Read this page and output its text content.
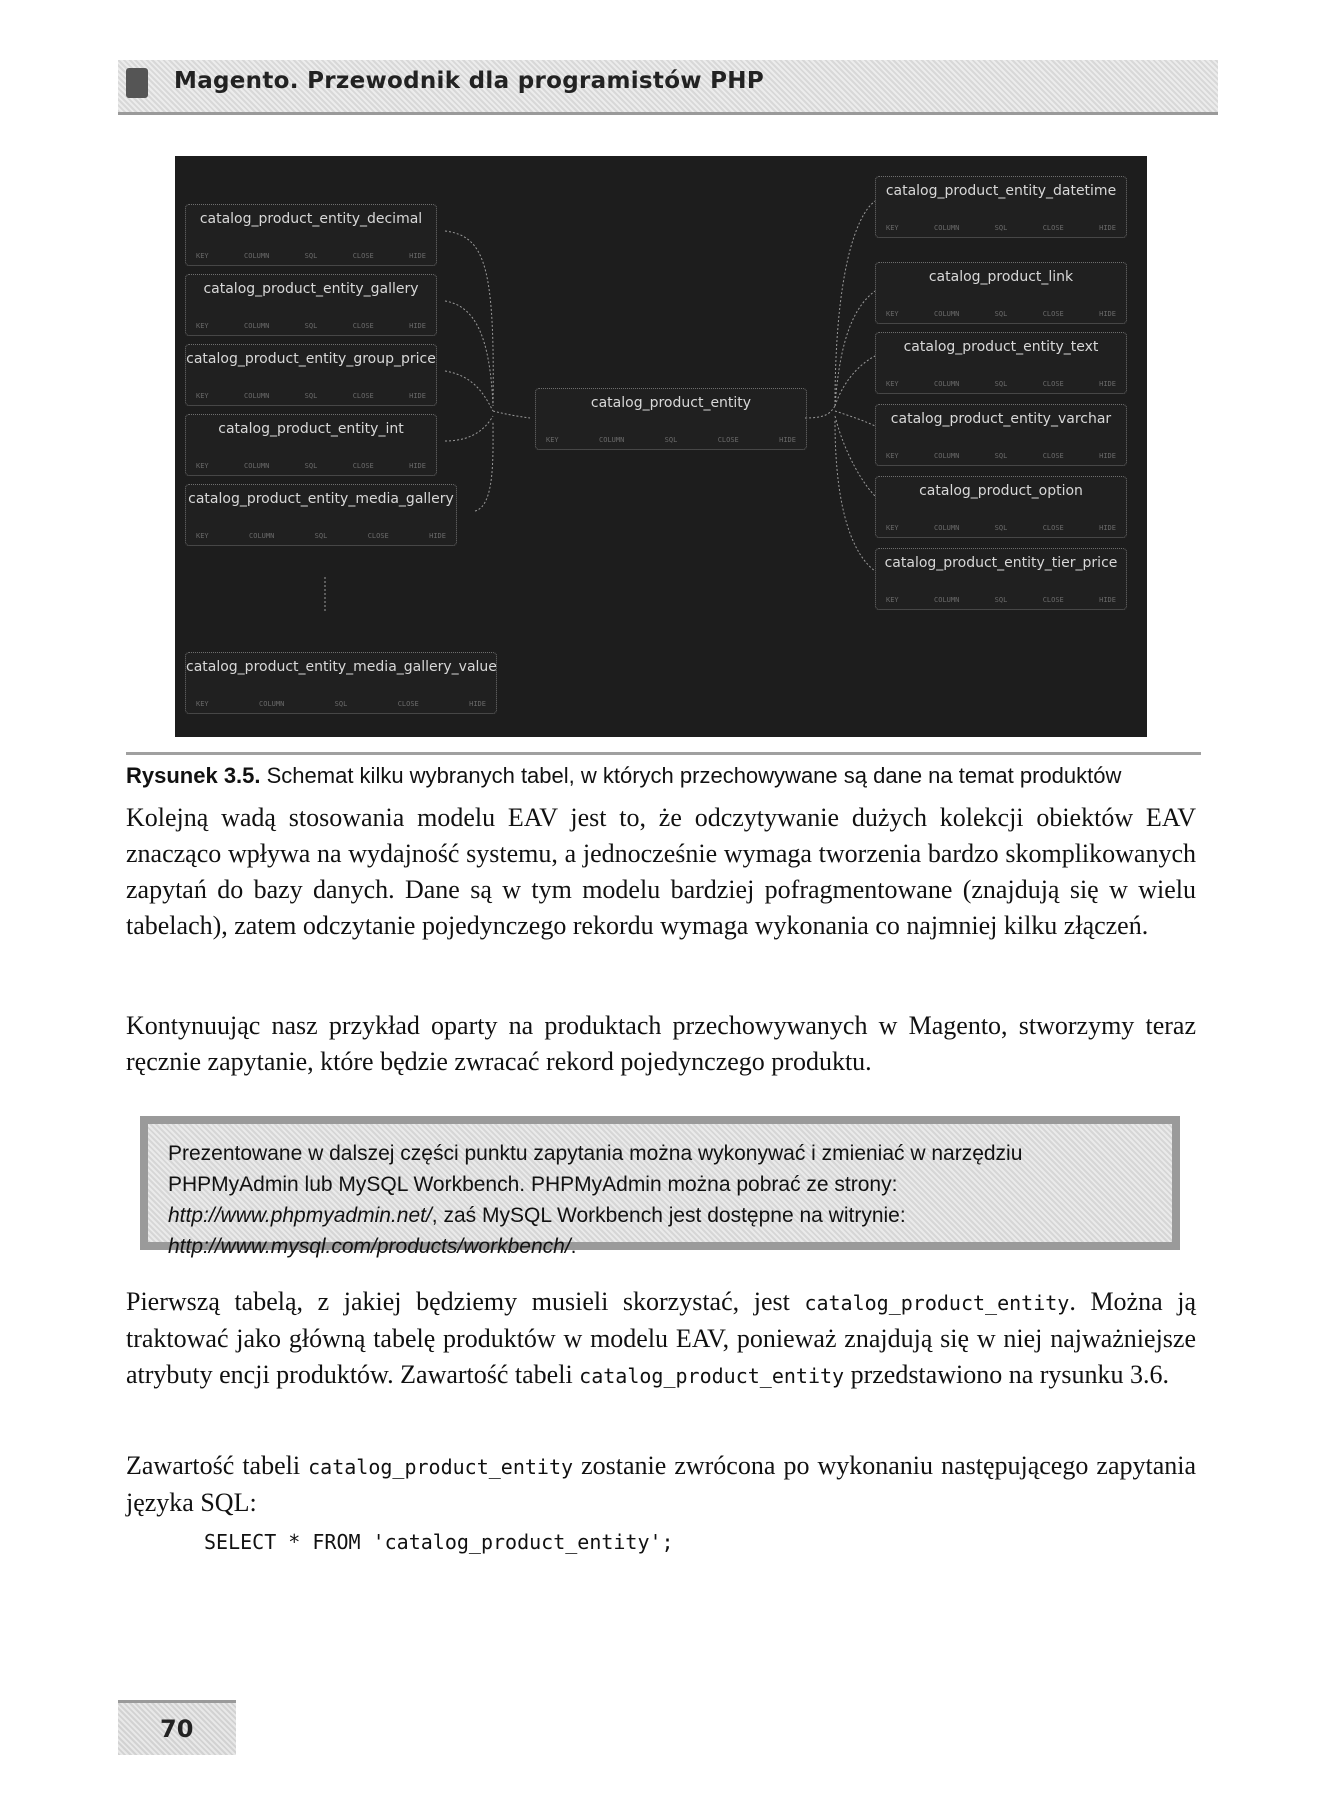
Magento. Przewodnik dla programistów PHP
catalog_product_entity_decimal
KEY	COLUMN	SQL	CLOSE	HIDE
catalog_product_entity_gallery
KEY	COLUMN	SQL	CLOSE	HIDE
catalog_product_entity_group_price
KEY	COLUMN	SQL	CLOSE	HIDE
catalog_product_entity_int
KEY	COLUMN	SQL	CLOSE	HIDE
catalog_product_entity_media_gallery
KEY	COLUMN	SQL	CLOSE	HIDE
catalog_product_entity_media_gallery_value
KEY	COLUMN	SQL	CLOSE	HIDE
catalog_product_entity
KEY	COLUMN	SQL	CLOSE	HIDE
catalog_product_entity_datetime
KEY	COLUMN	SQL	CLOSE	HIDE
catalog_product_link
KEY	COLUMN	SQL	CLOSE	HIDE
catalog_product_entity_text
KEY	COLUMN	SQL	CLOSE	HIDE
catalog_product_entity_varchar
KEY	COLUMN	SQL	CLOSE	HIDE
catalog_product_option
KEY	COLUMN	SQL	CLOSE	HIDE
catalog_product_entity_tier_price
KEY	COLUMN	SQL	CLOSE	HIDE
Rysunek 3.5. Schemat kilku wybranych tabel, w których przechowywane są dane na temat produktów

Kolejną wadą stosowania modelu EAV jest to, że odczytywanie dużych kolekcji obiektów EAV znacząco wpływa na wydajność systemu, a jednocześnie wymaga tworzenia bardzo skomplikowanych zapytań do bazy danych. Dane są w tym modelu bardziej pofragmentowane (znajdują się w wielu tabelach), zatem odczytanie pojedynczego rekordu wymaga wykonania co najmniej kilku złączeń.

Kontynuując nasz przykład oparty na produktach przechowywanych w Magento, stworzymy teraz ręcznie zapytanie, które będzie zwracać rekord pojedynczego produktu.

Prezentowane w dalszej części punktu zapytania można wykonywać i zmieniać w narzędziu PHPMyAdmin lub MySQL Workbench. PHPMyAdmin można pobrać ze strony: http://www.phpmyadmin.net/, zaś MySQL Workbench jest dostępne na witrynie: http://www.mysql.com/products/workbench/.

Pierwszą tabelą, z jakiej będziemy musieli skorzystać, jest catalog_product_entity. Można ją traktować jako główną tabelę produktów w modelu EAV, ponieważ znajdują się w niej najważniejsze atrybuty encji produktów. Zawartość tabeli catalog_product_entity przedstawiono na rysunku 3.6.

Zawartość tabeli catalog_product_entity zostanie zwrócona po wykonaniu następującego zapytania języka SQL:

SELECT * FROM 'catalog_product_entity';
70
